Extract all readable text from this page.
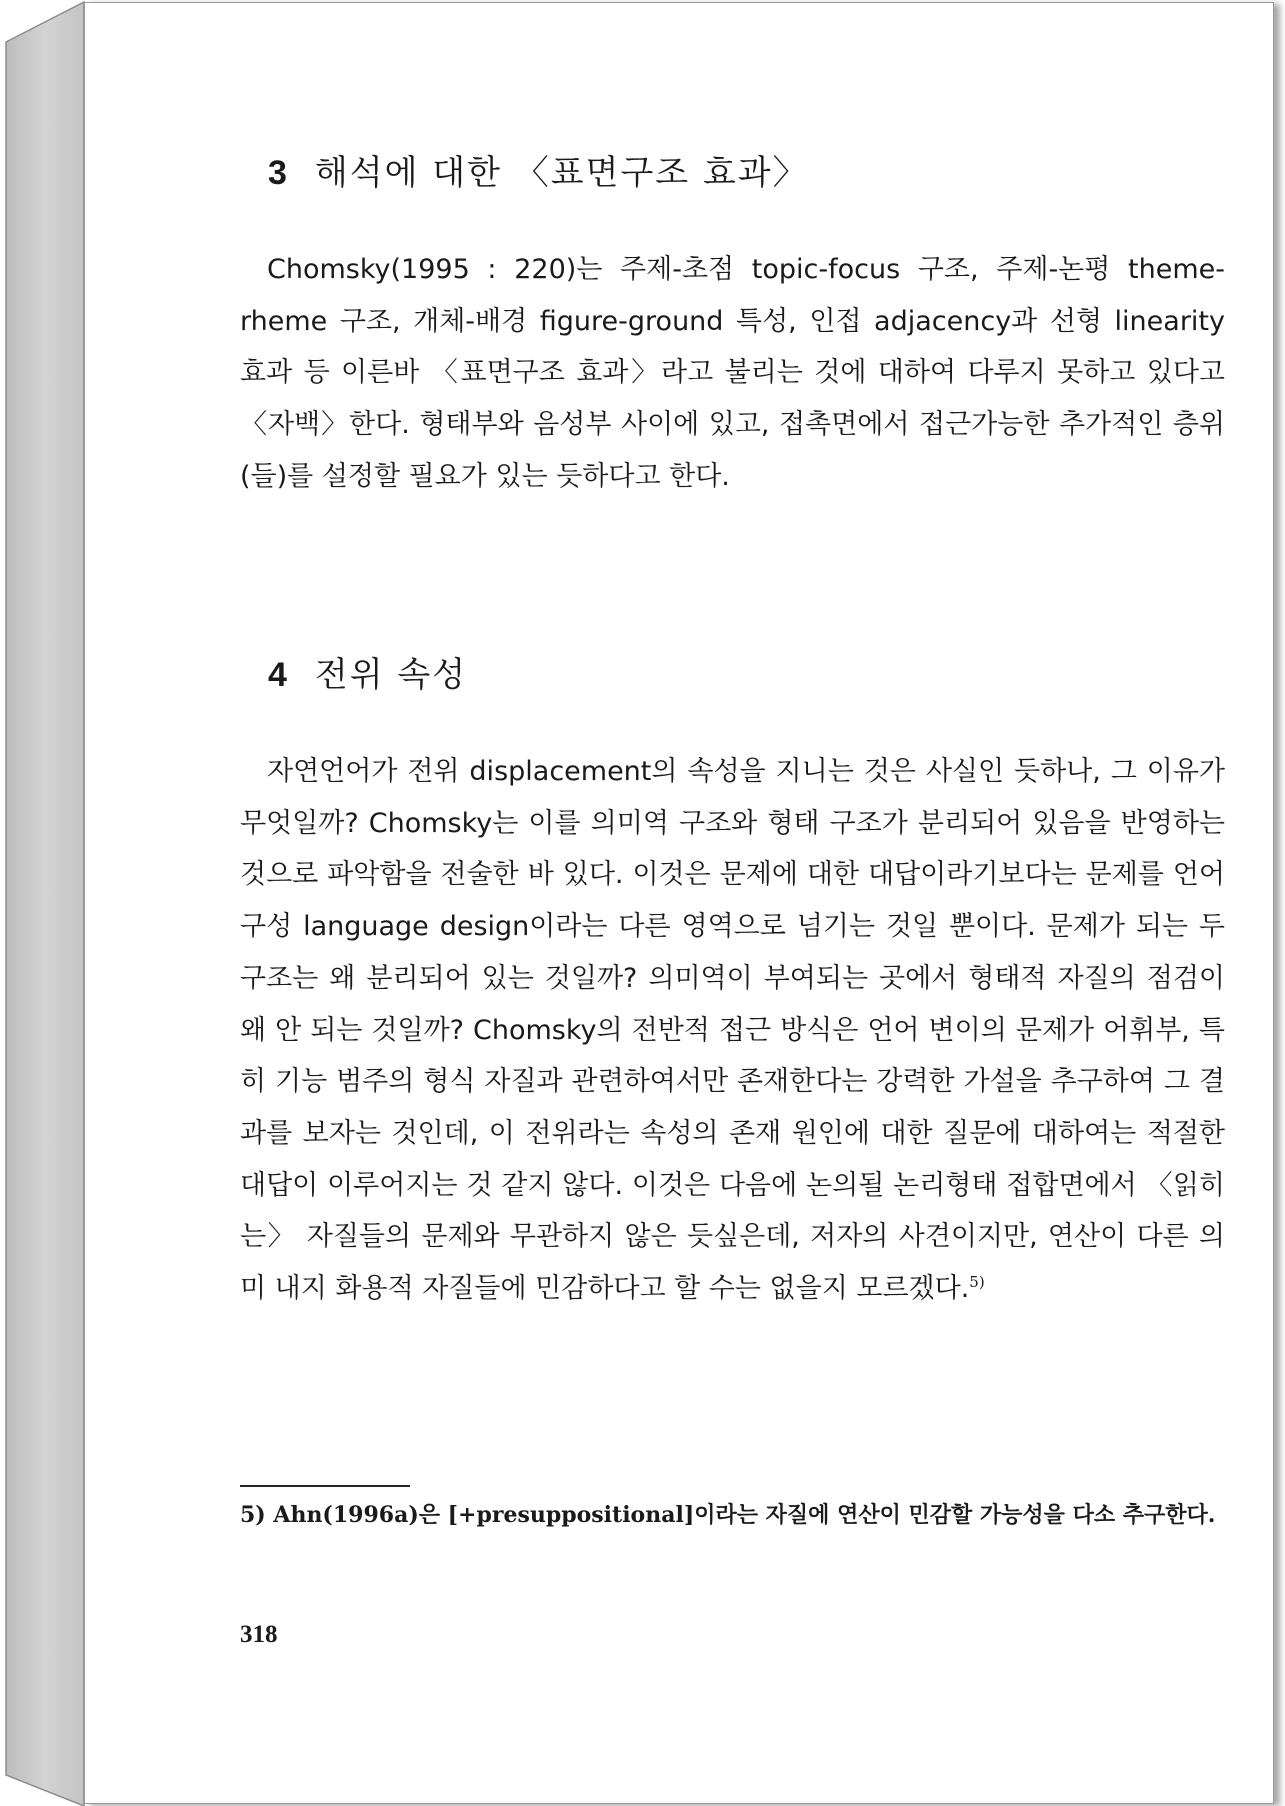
3 해석에 대한 〈표면구조 효과〉

Chomsky(1995 : 220)는 주제-초점 topic-focus 구조, 주제-논평 theme-rheme 구조, 개체-배경 figure-ground 특성, 인접 adjacency과 선형 linearity 효과 등 이른바 〈표면구조 효과〉라고 불리는 것에 대하여 다루지 못하고 있다고 〈자백〉한다. 형태부와 음성부 사이에 있고, 접촉면에서 접근가능한 추가적인 층위(들)를 설정할 필요가 있는 듯하다고 한다.

4 전위 속성

자연언어가 전위 displacement의 속성을 지니는 것은 사실인 듯하나, 그 이유가 무엇일까? Chomsky는 이를 의미역 구조와 형태 구조가 분리되어 있음을 반영하는 것으로 파악함을 전술한 바 있다. 이것은 문제에 대한 대답이라기보다는 문제를 언어 구성 language design이라는 다른 영역으로 넘기는 것일 뿐이다. 문제가 되는 두 구조는 왜 분리되어 있는 것일까? 의미역이 부여되는 곳에서 형태적 자질의 점검이 왜 안 되는 것일까? Chomsky의 전반적 접근 방식은 언어 변이의 문제가 어휘부, 특히 기능 범주의 형식 자질과 관련하여서만 존재한다는 강력한 가설을 추구하여 그 결과를 보자는 것인데, 이 전위라는 속성의 존재 원인에 대한 질문에 대하여는 적절한 대답이 이루어지는 것 같지 않다. 이것은 다음에 논의될 논리형태 접합면에서 〈읽히는〉 자질들의 문제와 무관하지 않은 듯싶은데, 저자의 사견이지만, 연산이 다른 의미 내지 화용적 자질들에 민감하다고 할 수는 없을지 모르겠다.$^{5)}$

5) Ahn(1996a)은 [+presuppositional]이라는 자질에 연산이 민감할 가능성을 다소 추구한다.

318
